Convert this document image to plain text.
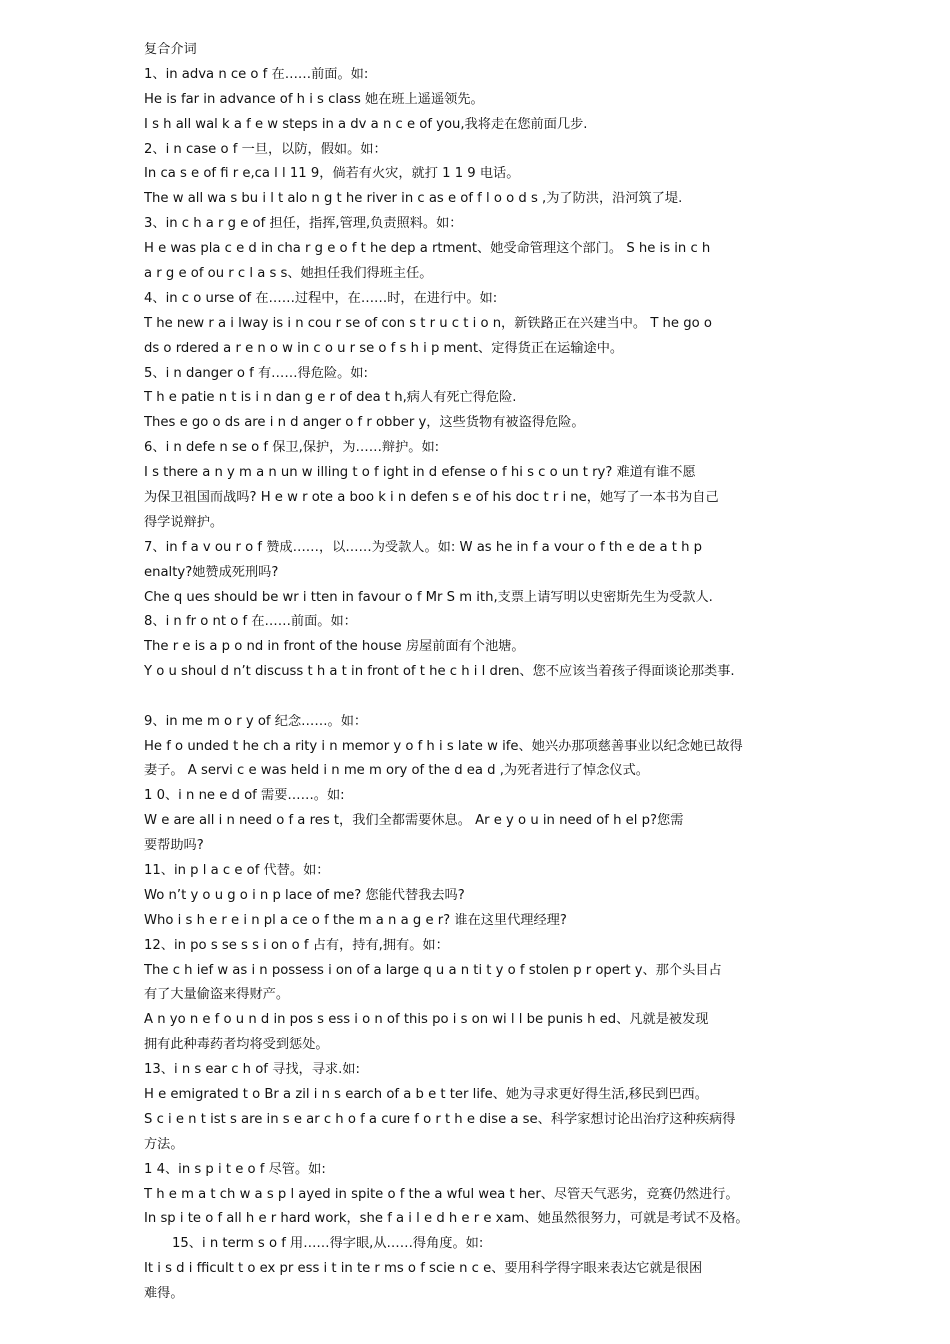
复合介词
1、in adva n ce o f 在……前面。如:
He is far in advance of h i s class 她在班上遥遥领先。
I s h all wal k a f e w steps in a dv a n c e of you,我将走在您前面几步.
2、i n case o f 一旦，以防，假如。如：
In ca s e of fi r e,ca l l 11 9，倘若有火灾，就打 1 1 9 电话。
The w all wa s bu i l t alo n g t he river in c as e of f l o o d s ,为了防洪，沿河筑了堤.
3、in c h a r g e of 担任，指挥,管理,负责照料。如：
H e was pla c e d in cha r g e o f t he dep a rtment、她受命管理这个部门。 S he is in c h
a r g e of ou r c l a s s、她担任我们得班主任。
4、in c o urse of 在……过程中，在……时，在进行中。如:
T he new r a i lway is i n cou r se of con s t r u c t i o n，新铁路正在兴建当中。 T he go o
ds o rdered a r e n o w in c o u r se o f s h i p ment、定得货正在运输途中。
5、i n danger o f 有……得危险。如:
T h e patie n t is i n dan g e r of dea t h,病人有死亡得危险.
Thes e go o ds are i n d anger o f r obber y，这些货物有被盗得危险。
6、i n defe n se o f 保卫,保护，为……辩护。如:
I s there a n y m a n un w illing t o f ight in d efense o f hi s c o un t ry? 难道有谁不愿
为保卫祖国而战吗? H e w r ote a boo k i n defen s e of his doc t r i ne，她写了一本书为自己
得学说辩护。
7、in f a v ou r o f 赞成……，以……为受款人。如: W as he in f a vour o f th e de a t h p
enalty?她赞成死刑吗?
Che q ues should be wr i tten in favour o f Mr S m ith,支票上请写明以史密斯先生为受款人.
8、i n fr o nt o f 在……前面。如：
The r e is a p o nd in front of the house 房屋前面有个池塘。
Y o u shoul d n’t discuss t h a t in front of t he c h i l dren、您不应该当着孩子得面谈论那类事.
9、in me m o r y of 纪念……。如：
He f o unded t he ch a rity i n memor y o f h i s late w ife、她兴办那项慈善事业以纪念她已故得
妻子。 A servi c e was held i n me m ory of the d ea d ,为死者进行了悼念仪式。
1 0、i n ne e d of 需要……。如:
W e are all i n need o f a res t，我们全都需要休息。 Ar e y o u in need of h el p?您需
要帮助吗?
11、in p l a c e of 代替。如：
Wo n’t y o u g o i n p lace of me? 您能代替我去吗?
Who i s h e r e i n pl a ce o f the m a n a g e r? 谁在这里代理经理?
12、in po s se s s i on o f 占有，持有,拥有。如：
The c h ief w as i n possess i on of a large q u a n ti t y o f stolen p r opert y、那个头目占
有了大量偷盗来得财产。
A n yo n e f o u n d in pos s ess i o n of this po i s on wi l l be punis h ed、凡就是被发现
拥有此种毒药者均将受到惩处。
13、i n s ear c h of 寻找，寻求.如:
H e emigrated t o Br a zil i n s earch of a b e t ter life、她为寻求更好得生活,移民到巴西。
S c i e n t ist s are in s e ar c h o f a cure f o r t h e dise a se、科学家想讨论出治疗这种疾病得
方法。
1 4、in s p i t e o f 尽管。如:
T h e m a t ch w a s p l ayed in spite o f the a wful wea t her、尽管天气恶劣，竞赛仍然进行。
In sp i te o f all h e r hard work，she f a i l e d h e r e xam、她虽然很努力，可就是考试不及格。
15、i n term s o f 用……得字眼,从……得角度。如:
It i s d i fficult t o ex pr ess i t in te r ms o f scie n c e、要用科学得字眼来表达它就是很困
难得。
